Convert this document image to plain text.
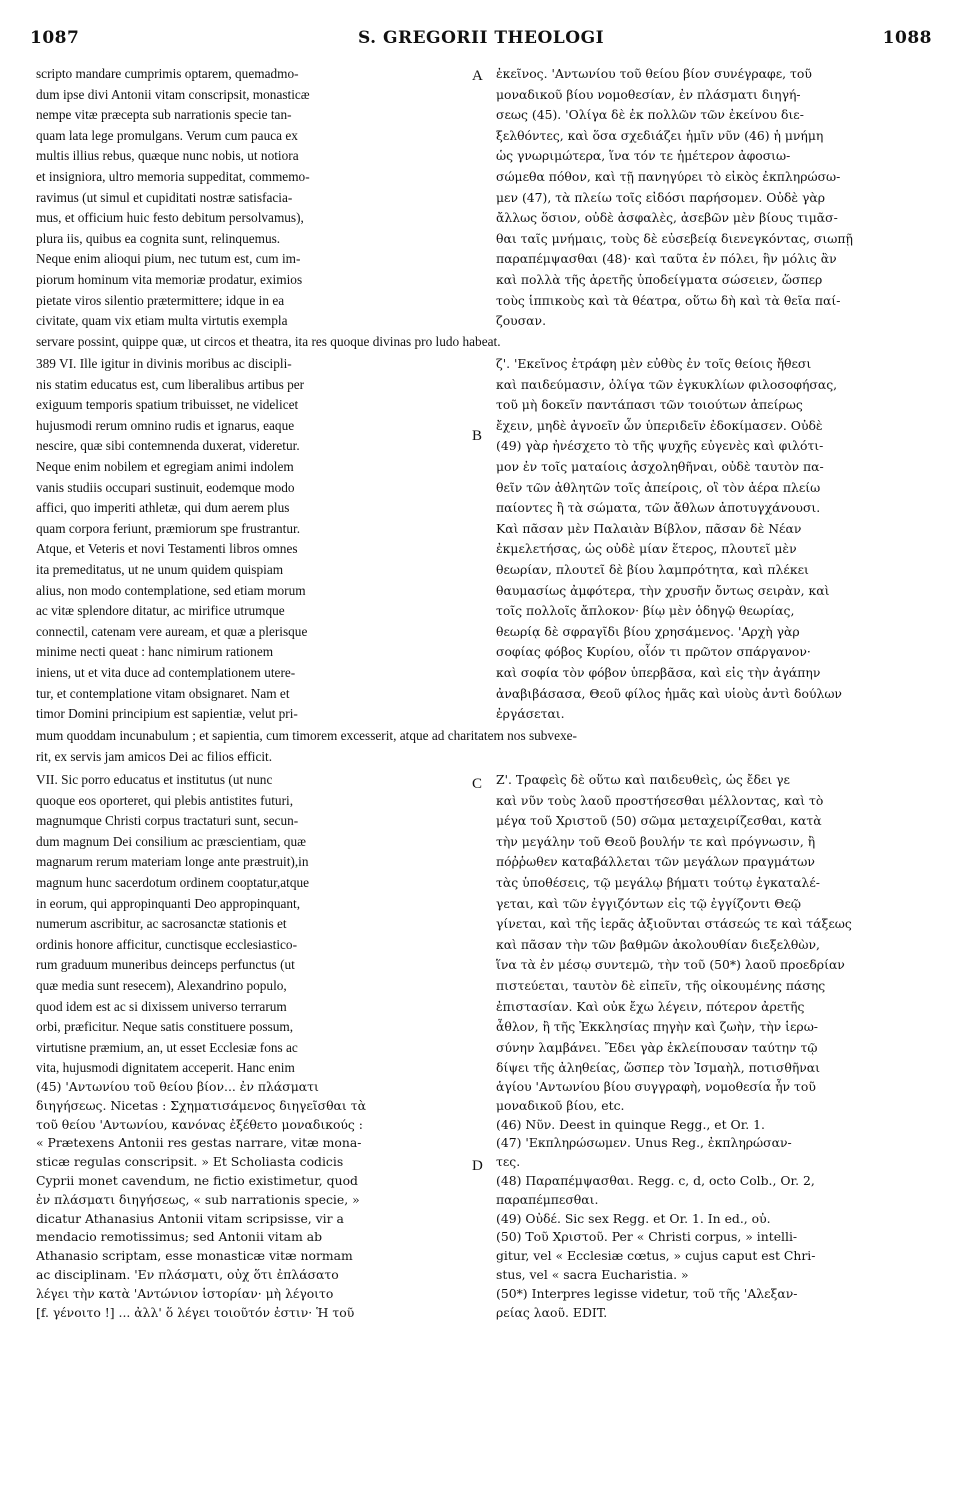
1087	S. GREGORII THEOLOGI	1088
A
B
C
D
scripto mandare cumprimis optarem, quemadmo-
dum ipse divi Antonii vitam conscripsit, monasticæ
nempe vitæ præcepta sub narrationis specie tan-
quam lata lege promulgans. Verum cum pauca ex
multis illius rebus, quæque nunc nobis, ut notiora
et insigniora, ultro memoria suppeditat, commemo-
ravimus (ut simul et cupiditati nostræ satisfacia-
mus, et officium huic festo debitum persolvamus),
plura iis, quibus ea cognita sunt, relinquemus.
Neque enim alioqui pium, nec tutum est, cum im-
piorum hominum vita memoriæ prodatur, eximios
pietate viros silentio prætermittere; idque in ea
civitate, quam vix etiam multa virtutis exempla
ἐκεῖνος. 'Αντωνίου τοῦ θείου βίον συνέγραφε, τοῦ
μοναδικοῦ βίου νομοθεσίαν, ἐν πλάσματι διηγή-
σεως (45). 'Ολίγα δὲ ἐκ πολλῶν τῶν ἐκείνου διε-
ξελθόντες, καὶ ὅσα σχεδιάζει ἡμῖν νῦν (46) ἡ μνήμη
ὡς γνωριμώτερα, ἵνα τόν τε ἡμέτερον ἀφοσιω-
σώμεθα πόθον, καὶ τῇ πανηγύρει τὸ εἰκὸς ἐκπληρώσω-
μεν (47), τὰ πλείω τοῖς εἰδόσι παρήσομεν. Οὐδὲ γὰρ
ἄλλως ὅσιον, οὐδὲ ἀσφαλὲς, ἀσεβῶν μὲν βίους τιμᾶσ-
θαι ταῖς μνήμαις, τοὺς δὲ εὐσεβείᾳ διενεγκόντας, σιωπῇ
παραπέμψασθαι (48)· καὶ ταῦτα ἐν πόλει, ἣν μόλις ἂν
καὶ πολλὰ τῆς ἀρετῆς ὑποδείγματα σώσειεν, ὥσπερ
τοὺς ἱππικοὺς καὶ τὰ θέατρα, οὕτω δὴ καὶ τὰ θεῖα παί-
ζουσαν.
servare possint, quippe quæ, ut circos et theatra, ita res quoque divinas pro ludo habeat.
389 VI. Ille igitur in divinis moribus ac discipli-
nis statim educatus est, cum liberalibus artibus per
exiguum temporis spatium tribuisset, ne videlicet
hujusmodi rerum omnino rudis et ignarus, eaque
nescire, quæ sibi contemnenda duxerat, videretur.
Neque enim nobilem et egregiam animi indolem
vanis studiis occupari sustinuit, eodemque modo
affici, quo imperiti athletæ, qui dum aerem plus
quam corpora feriunt, præmiorum spe frustrantur.
Atque, et Veteris et novi Testamenti libros omnes
ita premeditatus, ut ne unum quidem quispiam
alius, non modo contemplatione, sed etiam morum
ac vitæ splendore ditatur, ac mirifice utrumque
connectil, catenam vere auream, et quæ a plerisque
minime necti queat : hanc nimirum rationem
iniens, ut et vita duce ad contemplationem utere-
tur, et contemplatione vitam obsignaret. Nam et
timor Domini principium est sapientiæ, velut pri-
ζ'. 'Εκεῖνος ἐτράφη μὲν εὐθὺς ἐν τοῖς θείοις ἤθεσι
καὶ παιδεύμασιν, ὀλίγα τῶν ἐγκυκλίων φιλοσοφήσας,
τοῦ μὴ δοκεῖν παντάπασι τῶν τοιούτων ἀπείρως
ἔχειν, μηδὲ ἀγνοεῖν ὧν ὑπεριδεῖν ἐδοκίμασεν. Οὐδὲ
(49) γὰρ ἠνέσχετο τὸ τῆς ψυχῆς εὐγενὲς καὶ φιλότι-
μον ἐν τοῖς ματαίοις ἀσχοληθῆναι, οὐδὲ ταυτὸν πα-
θεῖν τῶν ἀθλητῶν τοῖς ἀπείροις, οἳ τὸν ἀέρα πλείω
παίοντες ἢ τὰ σώματα, τῶν ἄθλων ἀποτυγχάνουσι.
Καὶ πᾶσαν μὲν Παλαιὰν Βίβλον, πᾶσαν δὲ Νέαν
ἐκμελετήσας, ὡς οὐδὲ μίαν ἕτερος, πλουτεῖ μὲν
θεωρίαν, πλουτεῖ δὲ βίου λαμπρότητα, καὶ πλέκει
θαυμασίως ἀμφότερα, τὴν χρυσῆν ὄντως σειρὰν, καὶ
τοῖς πολλοῖς ἄπλοκον· βίῳ μὲν ὁδηγῷ θεωρίας,
θεωρίᾳ δὲ σφραγῖδι βίου χρησάμενος. 'Αρχὴ γὰρ
σοφίας φόβος Κυρίου, οἷόν τι πρῶτον σπάργανον·
καὶ σοφία τὸν φόβον ὑπερβᾶσα, καὶ εἰς τὴν ἀγάπην
ἀναβιβάσασα, Θεοῦ φίλος ἡμᾶς καὶ υἱοὺς ἀντὶ δούλων
ἐργάσεται.
mum quoddam incunabulum ; et sapientia, cum timorem excesserit, atque ad charitatem nos subvexe-
rit, ex servis jam amicos Dei ac filios efficit.
VII. Sic porro educatus et institutus (ut nunc
quoque eos oporteret, qui plebis antistites futuri,
magnumque Christi corpus tractaturi sunt, secun-
dum magnum Dei consilium ac præscientiam, quæ
magnarum rerum materiam longe ante præstruit),in
magnum hunc sacerdotum ordinem cooptatur,atque
in eorum, qui appropinquanti Deo appropinquant,
numerum ascribitur, ac sacrosanctæ stationis et
ordinis honore afficitur, cunctisque ecclesiastico-
rum graduum muneribus deinceps perfunctus (ut
quæ media sunt resecem), Alexandrino populo,
quod idem est ac si dixissem universo terrarum
orbi, præficitur. Neque satis constituere possum,
virtutisne præmium, an, ut esset Ecclesiæ fons ac
vita, hujusmodi dignitatem acceperit. Hanc enim
Ζ'. Τραφεὶς δὲ οὕτω καὶ παιδευθεὶς, ὡς ἔδει γε
καὶ νῦν τοὺς λαοῦ προστήσεσθαι μέλλοντας, καὶ τὸ
μέγα τοῦ Χριστοῦ (50) σῶμα μεταχειρίζεσθαι, κατὰ
τὴν μεγάλην τοῦ Θεοῦ βουλήν τε καὶ πρόγνωσιν, ἢ
πόῤῥωθεν καταβάλλεται τῶν μεγάλων πραγμάτων
τὰς ὑποθέσεις, τῷ μεγάλῳ βήματι τούτῳ ἐγκαταλέ-
γεται, καὶ τῶν ἐγγιζόντων εἰς τῷ ἐγγίζοντι Θεῷ
γίνεται, καὶ τῆς ἱερᾶς ἀξιοῦνται στάσεώς τε καὶ τάξεως
καὶ πᾶσαν τὴν τῶν βαθμῶν ἀκολουθίαν διεξελθὼν,
ἵνα τὰ ἐν μέσῳ συντεμῶ, τὴν τοῦ (50*) λαοῦ προεδρίαν
πιστεύεται, ταυτὸν δὲ εἰπεῖν, τῆς οἰκουμένης πάσης
ἐπιστασίαν. Καὶ οὐκ ἔχω λέγειν, πότερον ἀρετῆς
ἆθλον, ἢ τῆς Ἐκκλησίας πηγὴν καὶ ζωὴν, τὴν ἱερω-
σύνην λαμβάνει. Ἔδει γὰρ ἐκλείπουσαν ταύτην τῷ
δίψει τῆς ἀληθείας, ὥσπερ τὸν Ἰσμαὴλ, ποτισθῆναι
(45) 'Αντωνίου τοῦ θείου βίον... ἐν πλάσματι
διηγήσεως. Nicetas : Σχηματισάμενος διηγεῖσθαι τὰ
τοῦ θείου 'Αντωνίου, κανόνας ἐξέθετο μοναδικούς :
« Prætexens Antonii res gestas narrare, vitæ mona-
sticæ regulas conscripsit. » Et Scholiasta codicis
Cyprii monet cavendum, ne fictio existimetur, quod
ἐν πλάσματι διηγήσεως, « sub narrationis specie, »
dicatur Athanasius Antonii vitam scripsisse, vir a
mendacio remotissimus; sed Antonii vitam ab
Athanasio scriptam, esse monasticæ vitæ normam
ac disciplinam. 'Εν πλάσματι, οὐχ ὅτι ἐπλάσατο
λέγει τὴν κατὰ 'Αντώνιον ἱστορίαν· μὴ λέγοιτο
[f. γένοιτο !] ... ἀλλ' ὅ λέγει τοιοῦτόν ἐστιν· Ἡ τοῦ
ἁγίου 'Αντωνίου βίου συγγραφὴ, νομοθεσία ἦν τοῦ
μοναδικοῦ βίου, etc.
(46) Νῦν. Deest in quinque Regg., et Or. 1.
(47) 'Εκπληρώσωμεν. Unus Reg., ἐκπληρώσαν-
τες.
(48) Παραπέμψασθαι. Regg. c, d, octo Colb., Or. 2,
παραπέμπεσθαι.
(49) Οὐδέ. Sic sex Regg. et Or. 1. In ed., οὐ.
(50) Τοῦ Χριστοῦ. Per « Christi corpus, » intelli-
gitur, vel « Ecclesiæ cœtus, » cujus caput est Chri-
stus, vel « sacra Eucharistia. »
(50*) Interpres legisse videtur, τοῦ τῆς 'Αλεξαν-
ρείας λαοῦ. EDIT.
